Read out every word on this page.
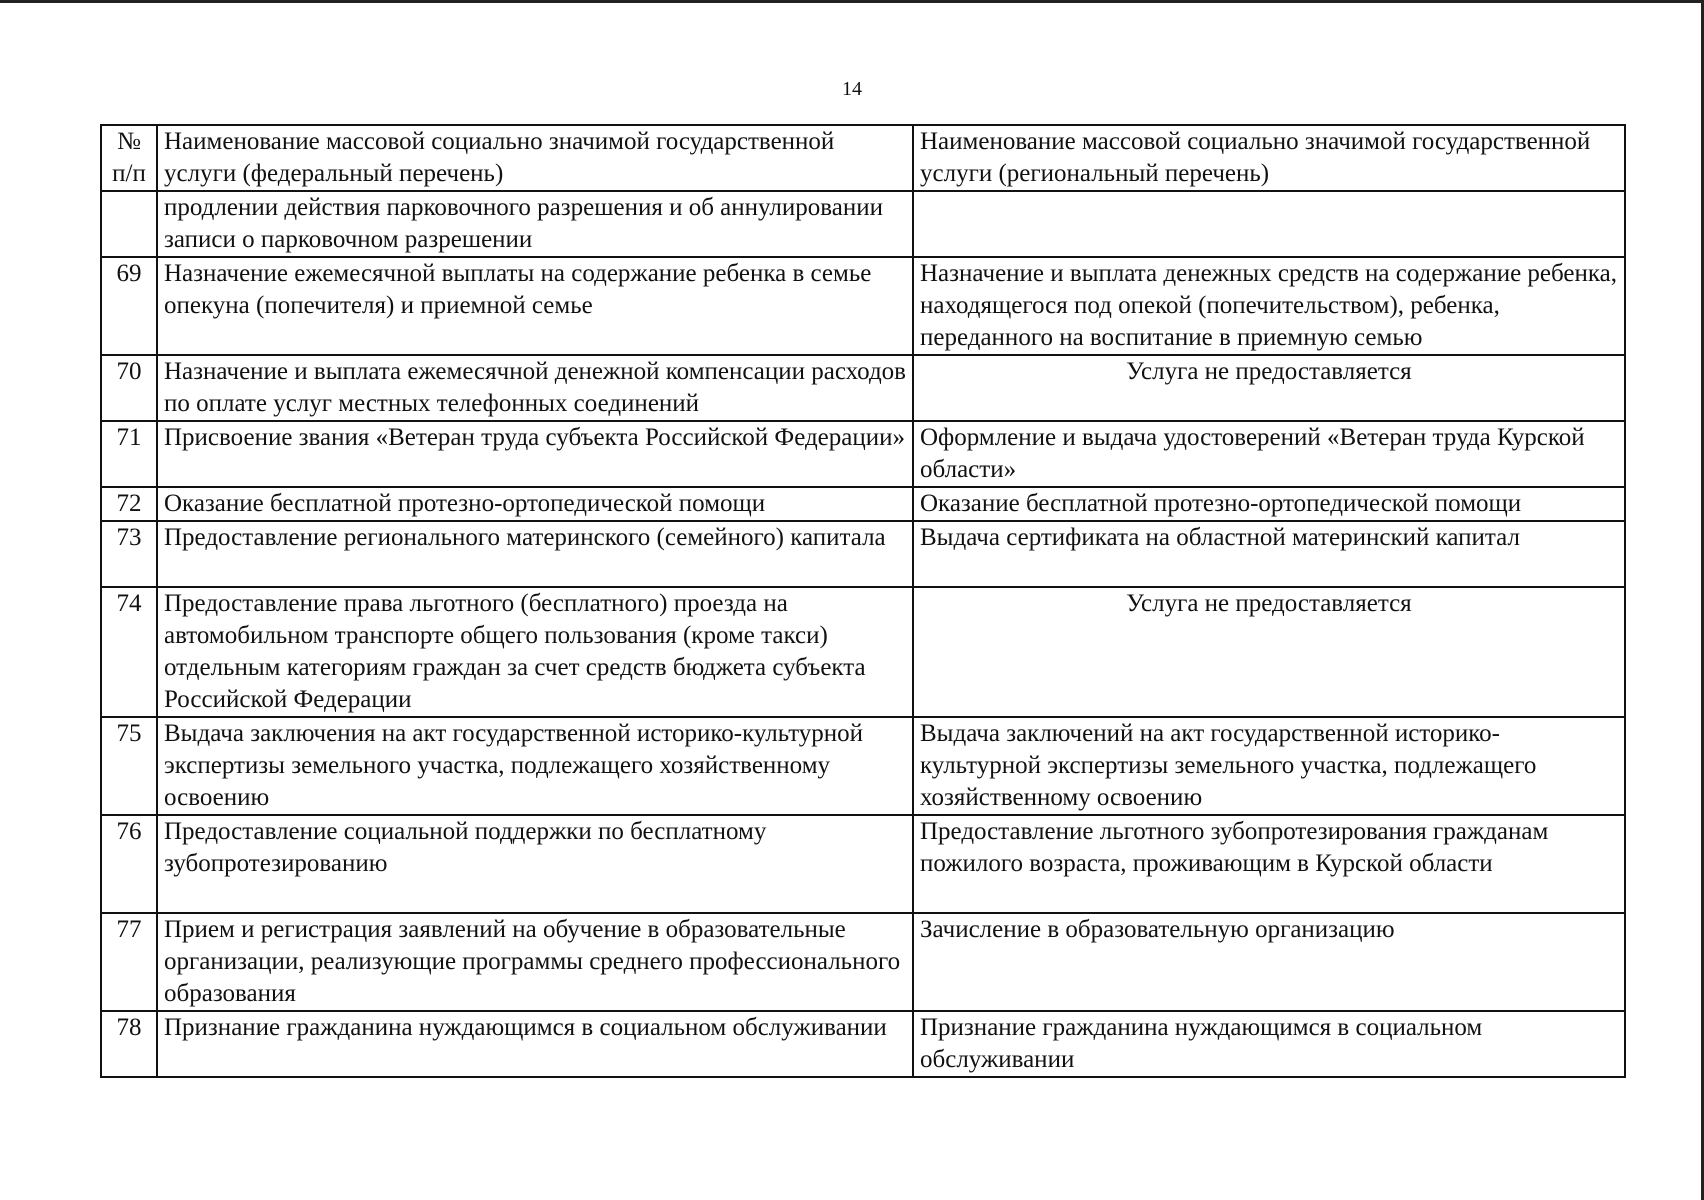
14
№ п/п	Наименование массовой социально значимой государственной услуги (федеральный перечень)	Наименование массовой социально значимой государственной услуги (региональный перечень)
	продлении действия парковочного разрешения и об аннулировании записи о парковочном разрешении	
69	Назначение ежемесячной выплаты на содержание ребенка в семье опекуна (попечителя) и приемной семье	Назначение и выплата денежных средств на содержание ребенка, находящегося под опекой (попечительством), ребенка, переданного на воспитание в приемную семью
70	Назначение и выплата ежемесячной денежной компенсации расходов по оплате услуг местных телефонных соединений	Услуга не предоставляется
71	Присвоение звания «Ветеран труда субъекта Российской Федерации»	Оформление и выдача удостоверений «Ветеран труда Курской области»
72	Оказание бесплатной протезно-ортопедической помощи	Оказание бесплатной протезно-ортопедической помощи
73	Предоставление регионального материнского (семейного) капитала	Выдача сертификата на областной материнский капитал
74	Предоставление права льготного (бесплатного) проезда на автомобильном транспорте общего пользования (кроме такси) отдельным категориям граждан за счет средств бюджета субъекта Российской Федерации	Услуга не предоставляется
75	Выдача заключения на акт государственной историко-культурной экспертизы земельного участка, подлежащего хозяйственному освоению	Выдача заключений на акт государственной историко-культурной экспертизы земельного участка, подлежащего хозяйственному освоению
76	Предоставление социальной поддержки по бесплатному зубопротезированию	Предоставление льготного зубопротезирования гражданам пожилого возраста, проживающим в Курской области
77	Прием и регистрация заявлений на обучение в образовательные организации, реализующие программы среднего профессионального образования	Зачисление в образовательную организацию
78	Признание гражданина нуждающимся в социальном обслуживании	Признание гражданина нуждающимся в социальном обслуживании
